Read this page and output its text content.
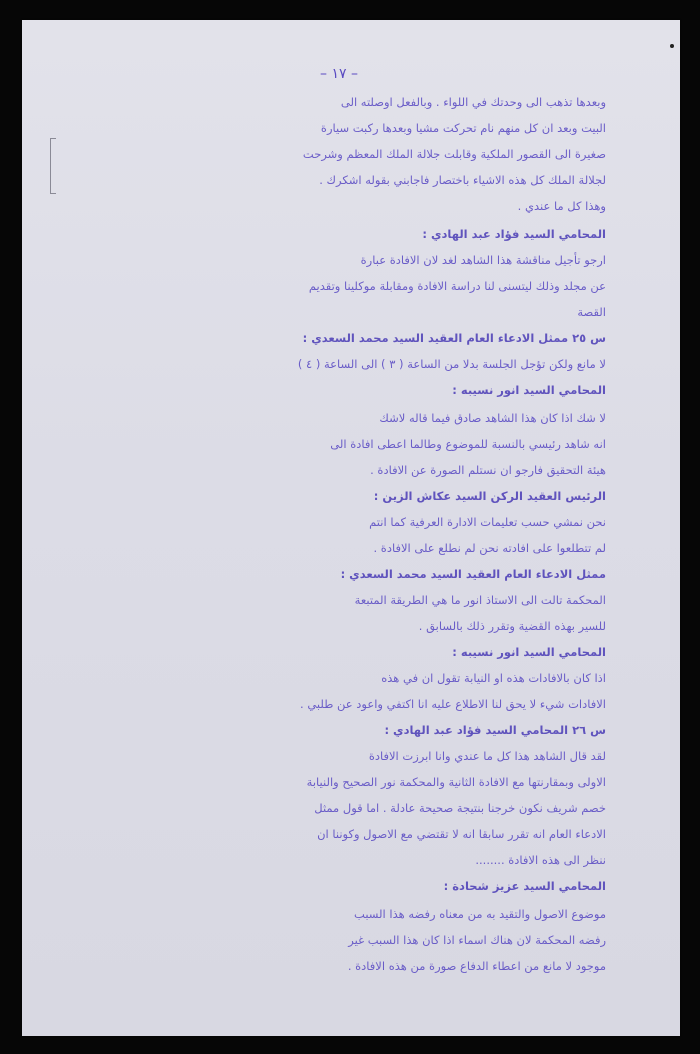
– ١٧ –
وبعدها تذهب الى وحدتك في اللواء . وبالفعل اوصلته الى
البيت وبعد ان كل منهم نام تحركت مشيا وبعدها ركبت سيارة
صغيرة الى القصور الملكية وقابلت جلالة الملك المعظم وشرحت
لجلالة الملك كل هذه الاشياء باختصار فاجابني بقوله اشكرك .
وهذا كل ما عندي .
المحامي السيد فؤاد عبد الهادي :
ارجو تأجيل مناقشة هذا الشاهد لغد لان الافادة عبارة
عن مجلد وذلك ليتسنى لنا دراسة الافادة ومقابلة موكلينا وتقديم
القصة
س ٢٥ ممثل الادعاء العام العقيد السيد محمد السعدي :
لا مانع ولكن تؤجل الجلسة بدلا من الساعة ( ٣ ) الى الساعة ( ٤ )
المحامي السيد انور نسيبه :
لا شك اذا كان هذا الشاهد صادق فيما قاله لاشك
انه شاهد رئيسي بالنسبة للموضوع وطالما اعطى افادة الى
هيئة التحقيق فارجو ان نستلم الصورة عن الافادة .
الرئيس العقيد الركن السيد عكاش الزين :
نحن نمشي حسب تعليمات الادارة العرفية كما انتم
لم تتطلعوا على افادته نحن لم نطلع على الافادة .
ممثل الادعاء العام العقيد السيد محمد السعدي :
المحكمة تالت الى الاستاذ انور ما هي الطريقة المتبعة
للسير بهذه القضية وتقرر ذلك بالسابق .
المحامي السيد انور نسيبه :
اذا كان بالافادات هذه او النيابة تقول ان في هذه
الافادات شيء لا يحق لنا الاطلاع عليه انا اكتفي واعود عن طلبي .
س ٢٦ المحامي السيد فؤاد عبد الهادي :
لقد قال الشاهد هذا كل ما عندي وانا ابرزت الافادة
الاولى وبمقارنتها مع الافادة الثانية والمحكمة نور الصحيح والنيابة
خصم شريف نكون خرجنا بنتيجة صحيحة عادلة . اما قول ممثل
الادعاء العام انه تقرر سابقا انه لا تقتضي مع الاصول وكوننا ان
ننظر الى هذه الافادة ........
المحامي السيد عزيز شحادة :
موضوع الاصول والتقيد به من معناه رفضه هذا السبب
رفضه المحكمة لان هناك اسماء اذا كان هذا السبب غير
موجود لا مانع من اعطاء الدفاع صورة من هذه الافادة .
